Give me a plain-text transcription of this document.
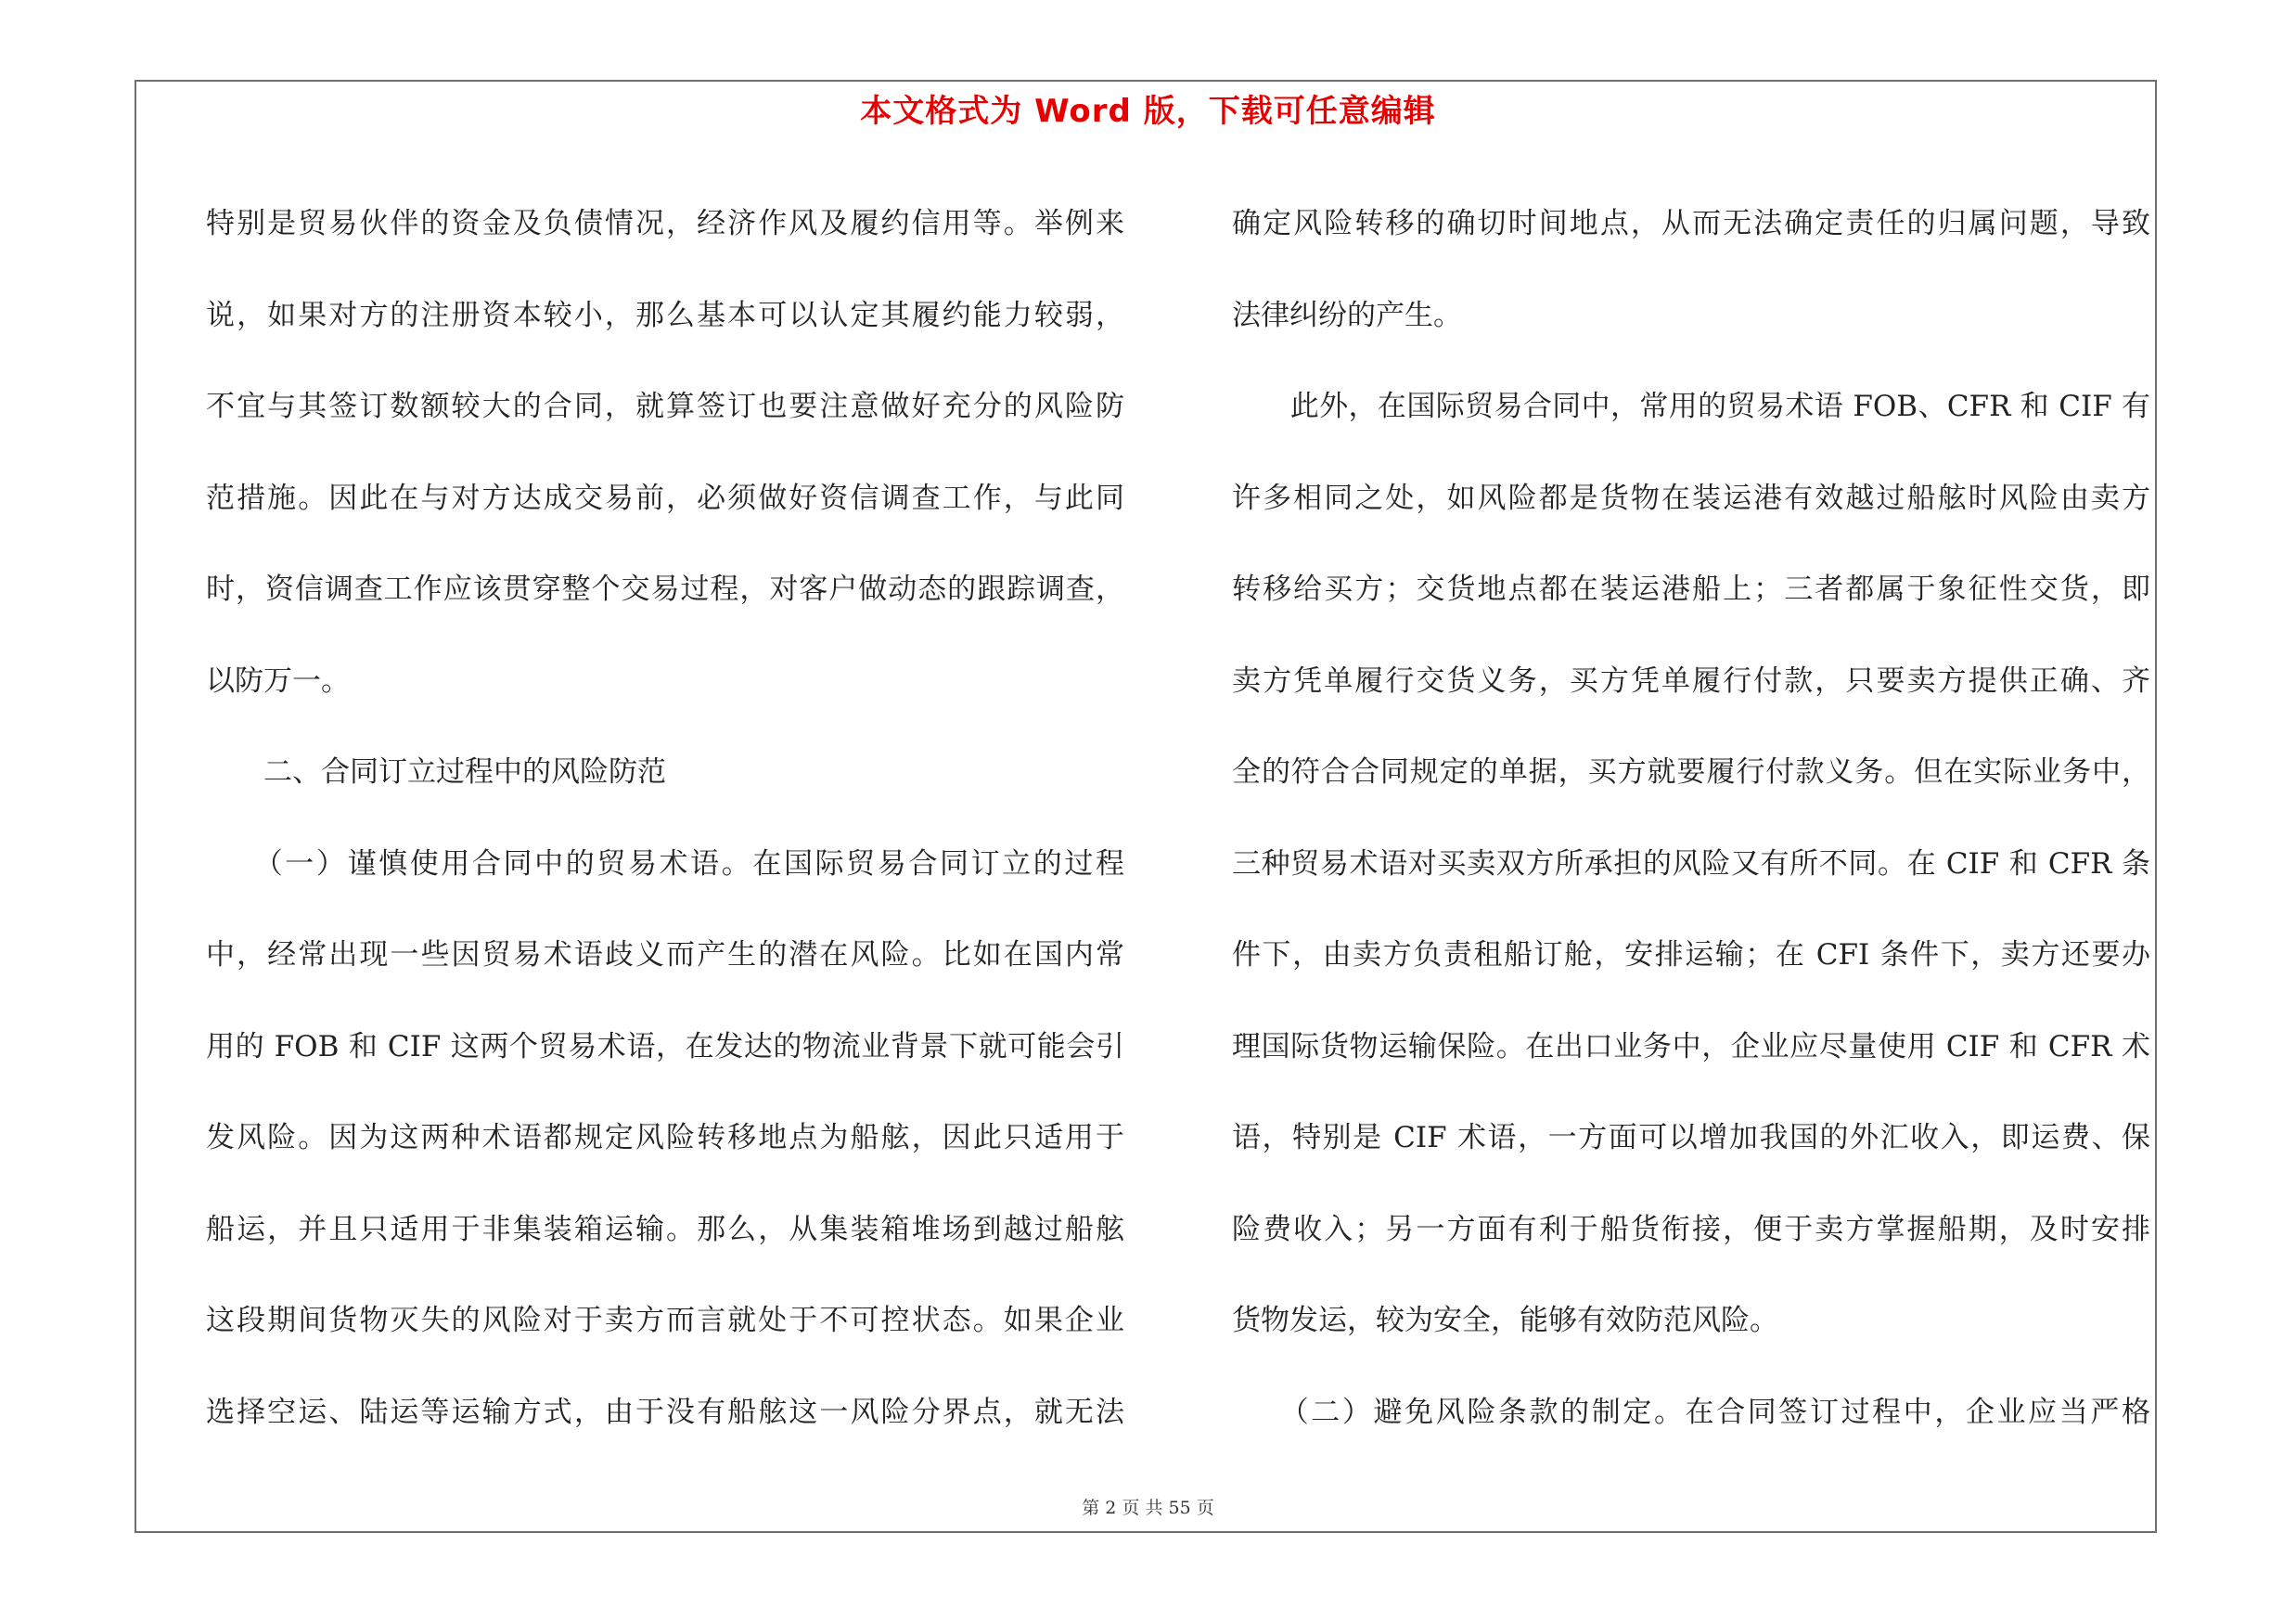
本文格式为 Word 版，下载可任意编辑
特别是贸易伙伴的资金及负债情况，经济作风及履约信用等。举例来
说，如果对方的注册资本较小，那么基本可以认定其履约能力较弱，
不宜与其签订数额较大的合同，就算签订也要注意做好充分的风险防
范措施。因此在与对方达成交易前，必须做好资信调查工作，与此同
时，资信调查工作应该贯穿整个交易过程，对客户做动态的跟踪调查，
以防万一。
　　二、合同订立过程中的风险防范
　　（一）谨慎使用合同中的贸易术语。在国际贸易合同订立的过程
中，经常出现一些因贸易术语歧义而产生的潜在风险。比如在国内常
用的 FOB 和 CIF 这两个贸易术语，在发达的物流业背景下就可能会引
发风险。因为这两种术语都规定风险转移地点为船舷，因此只适用于
船运，并且只适用于非集装箱运输。那么，从集装箱堆场到越过船舷
这段期间货物灭失的风险对于卖方而言就处于不可控状态。如果企业
选择空运、陆运等运输方式，由于没有船舷这一风险分界点，就无法
确定风险转移的确切时间地点，从而无法确定责任的归属问题，导致
法律纠纷的产生。
　　此外，在国际贸易合同中，常用的贸易术语 FOB、CFR 和 CIF 有
许多相同之处，如风险都是货物在装运港有效越过船舷时风险由卖方
转移给买方；交货地点都在装运港船上；三者都属于象征性交货，即
卖方凭单履行交货义务，买方凭单履行付款，只要卖方提供正确、齐
全的符合合同规定的单据，买方就要履行付款义务。但在实际业务中，
三种贸易术语对买卖双方所承担的风险又有所不同。在 CIF 和 CFR 条
件下，由卖方负责租船订舱，安排运输；在 CFI 条件下，卖方还要办
理国际货物运输保险。在出口业务中，企业应尽量使用 CIF 和 CFR 术
语，特别是 CIF 术语，一方面可以增加我国的外汇收入，即运费、保
险费收入；另一方面有利于船货衔接，便于卖方掌握船期，及时安排
货物发运，较为安全，能够有效防范风险。
　　（二）避免风险条款的制定。在合同签订过程中，企业应当严格
第 2 页 共 55 页
